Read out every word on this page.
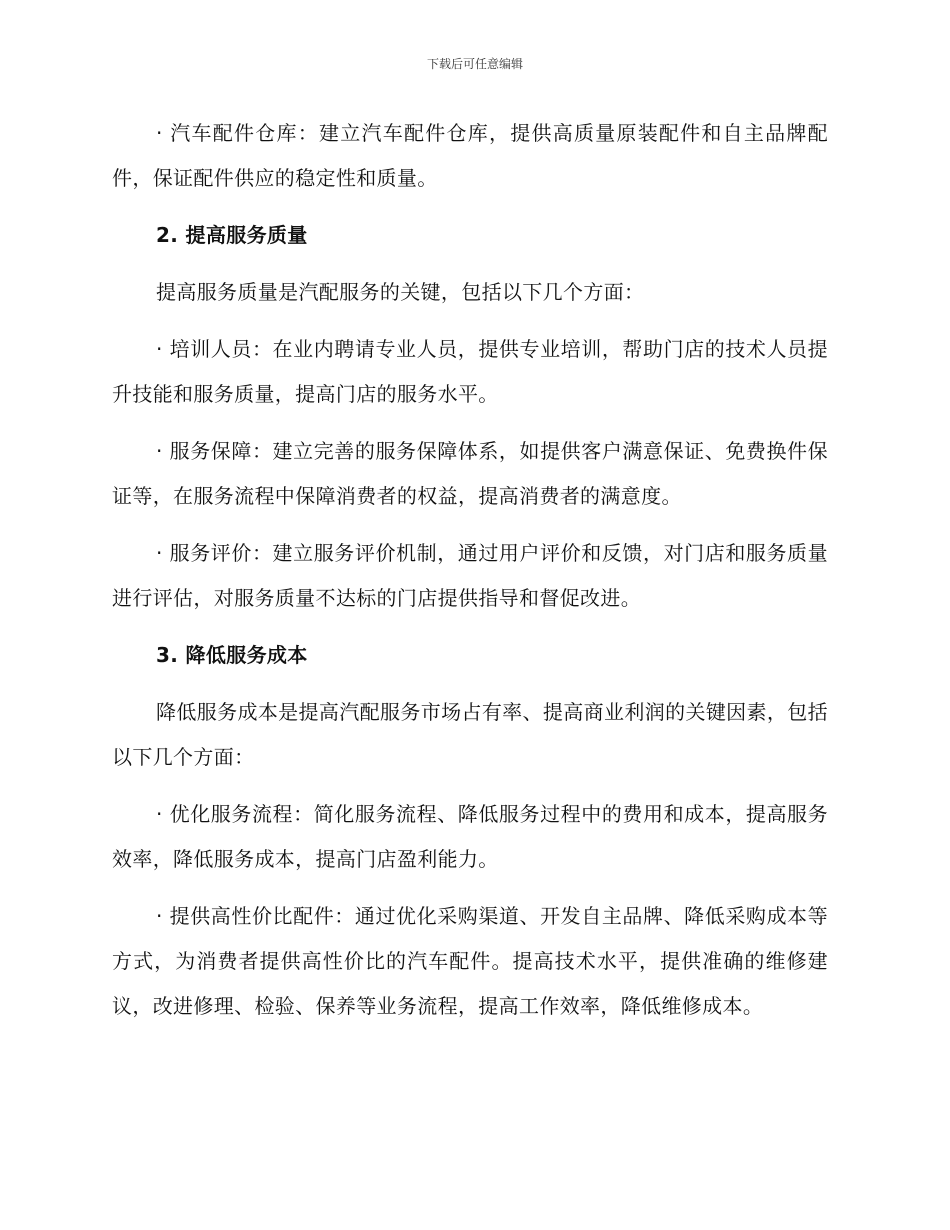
下载后可任意编辑

· 汽车配件仓库：建立汽车配件仓库，提供高质量原装配件和自主品牌配件，保证配件供应的稳定性和质量。

2. 提高服务质量

提高服务质量是汽配服务的关键，包括以下几个方面：

· 培训人员：在业内聘请专业人员，提供专业培训，帮助门店的技术人员提升技能和服务质量，提高门店的服务水平。

· 服务保障：建立完善的服务保障体系，如提供客户满意保证、免费换件保证等，在服务流程中保障消费者的权益，提高消费者的满意度。

· 服务评价：建立服务评价机制，通过用户评价和反馈，对门店和服务质量进行评估，对服务质量不达标的门店提供指导和督促改进。

3. 降低服务成本

降低服务成本是提高汽配服务市场占有率、提高商业利润的关键因素，包括以下几个方面：

· 优化服务流程：简化服务流程、降低服务过程中的费用和成本，提高服务效率，降低服务成本，提高门店盈利能力。

· 提供高性价比配件：通过优化采购渠道、开发自主品牌、降低采购成本等方式，为消费者提供高性价比的汽车配件。提高技术水平，提供准确的维修建议，改进修理、检验、保养等业务流程，提高工作效率，降低维修成本。
